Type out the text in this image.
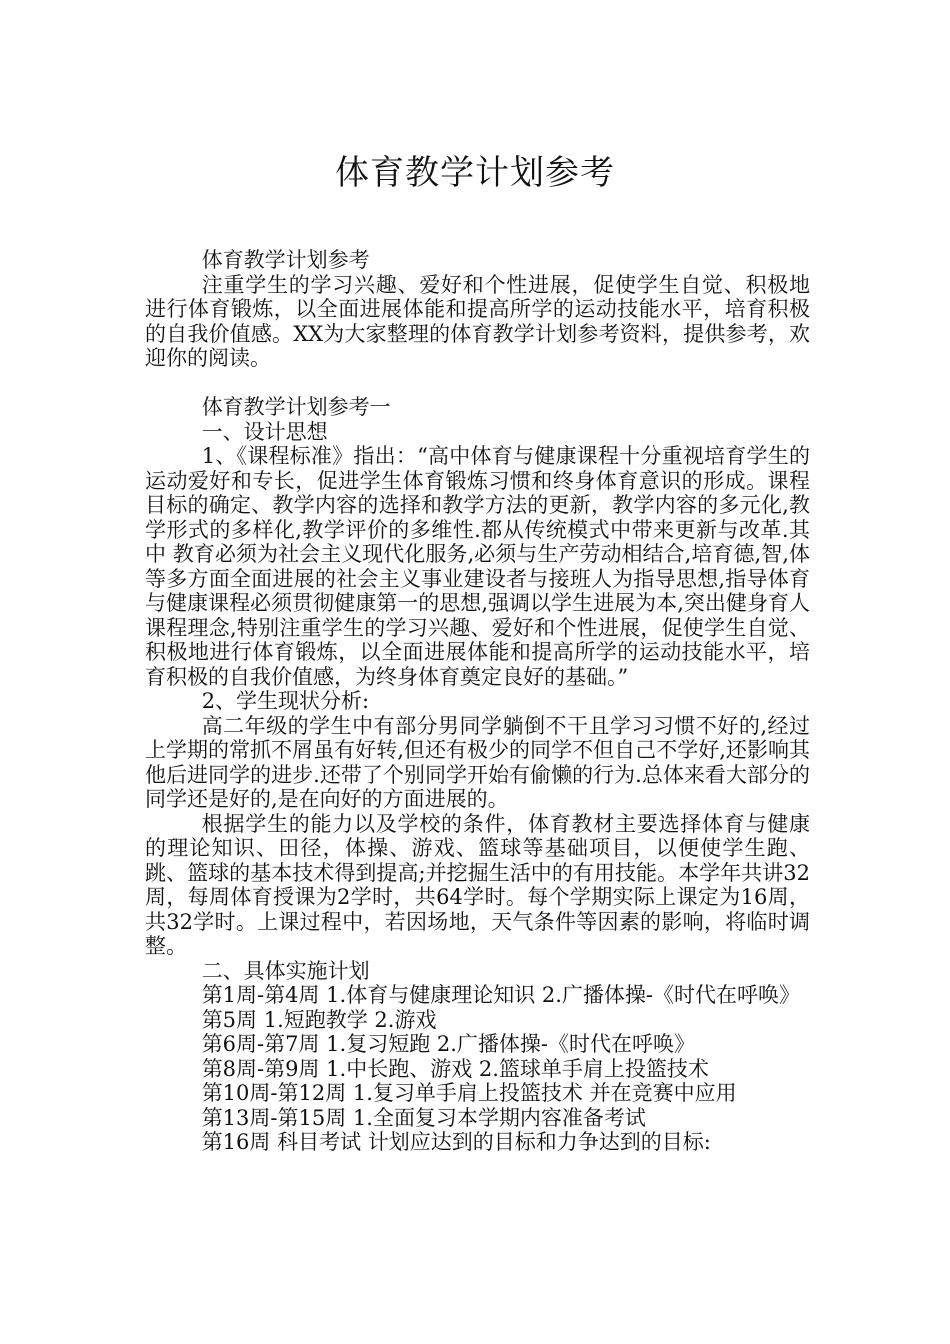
体育教学计划参考

体育教学计划参考

注重学生的学习兴趣、爱好和个性进展，促使学生自觉、积极地进行体育锻炼，以全面进展体能和提高所学的运动技能水平，培育积极的自我价值感。XX为大家整理的体育教学计划参考资料，提供参考，欢迎你的阅读。

体育教学计划参考一

一、设计思想

1、《课程标准》指出：“高中体育与健康课程十分重视培育学生的运动爱好和专长，促进学生体育锻炼习惯和终身体育意识的形成。课程目标的确定、教学内容的选择和教学方法的更新，教学内容的多元化,教学形式的多样化,教学评价的多维性.都从传统模式中带来更新与改革.其中 教育必须为社会主义现代化服务,必须与生产劳动相结合,培育德,智,体等多方面全面进展的社会主义事业建设者与接班人为指导思想,指导体育与健康课程必须贯彻健康第一的思想,强调以学生进展为本,突出健身育人课程理念,特别注重学生的学习兴趣、爱好和个性进展，促使学生自觉、积极地进行体育锻炼，以全面进展体能和提高所学的运动技能水平，培育积极的自我价值感，为终身体育奠定良好的基础。”

2、学生现状分析:

高二年级的学生中有部分男同学躺倒不干且学习习惯不好的,经过上学期的常抓不屑虽有好转,但还有极少的同学不但自己不学好,还影响其他后进同学的进步.还带了个别同学开始有偷懒的行为.总体来看大部分的同学还是好的,是在向好的方面进展的。

根据学生的能力以及学校的条件，体育教材主要选择体育与健康的理论知识、田径，体操、游戏、篮球等基础项目，以便使学生跑、跳、篮球的基本技术得到提高;并挖掘生活中的有用技能。本学年共讲32周，每周体育授课为2学时，共64学时。每个学期实际上课定为16周，共32学时。上课过程中，若因场地，天气条件等因素的影响，将临时调整。

二、具体实施计划

第1周-第4周 1.体育与健康理论知识 2.广播体操-《时代在呼唤》

第5周 1.短跑教学 2.游戏

第6周-第7周 1.复习短跑 2.广播体操-《时代在呼唤》

第8周-第9周 1.中长跑、游戏 2.篮球单手肩上投篮技术

第10周-第12周 1.复习单手肩上投篮技术 并在竞赛中应用

第13周-第15周 1.全面复习本学期内容准备考试

第16周 科目考试 计划应达到的目标和力争达到的目标:
